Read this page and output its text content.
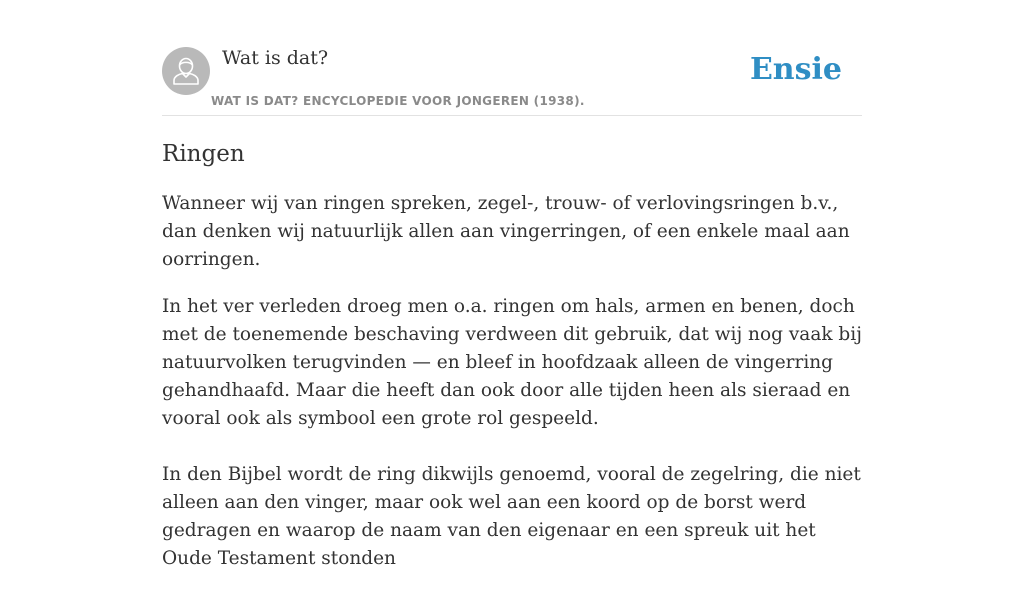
Wat is dat?
WAT IS DAT? ENCYCLOPEDIE VOOR JONGEREN (1938).
Ensie
Ringen

Wanneer wij van ringen spreken, zegel-, trouw- of verlovingsringen b.v., dan denken wij natuurlijk allen aan vingerringen, of een enkele maal aan oorringen.

In het ver verleden droeg men o.a. ringen om hals, armen en benen, doch met de toenemende beschaving verdween dit gebruik, dat wij nog vaak bij natuurvolken terugvinden — en bleef in hoofdzaak alleen de vingerring gehandhaafd. Maar die heeft dan ook door alle tijden heen als sieraad en vooral ook als symbool een grote rol gespeeld.

In den Bijbel wordt de ring dikwijls genoemd, vooral de zegelring, die niet alleen aan den vinger, maar ook wel aan een koord op de borst werd gedragen en waarop de naam van den eigenaar en een spreuk uit het Oude Testament stonden
